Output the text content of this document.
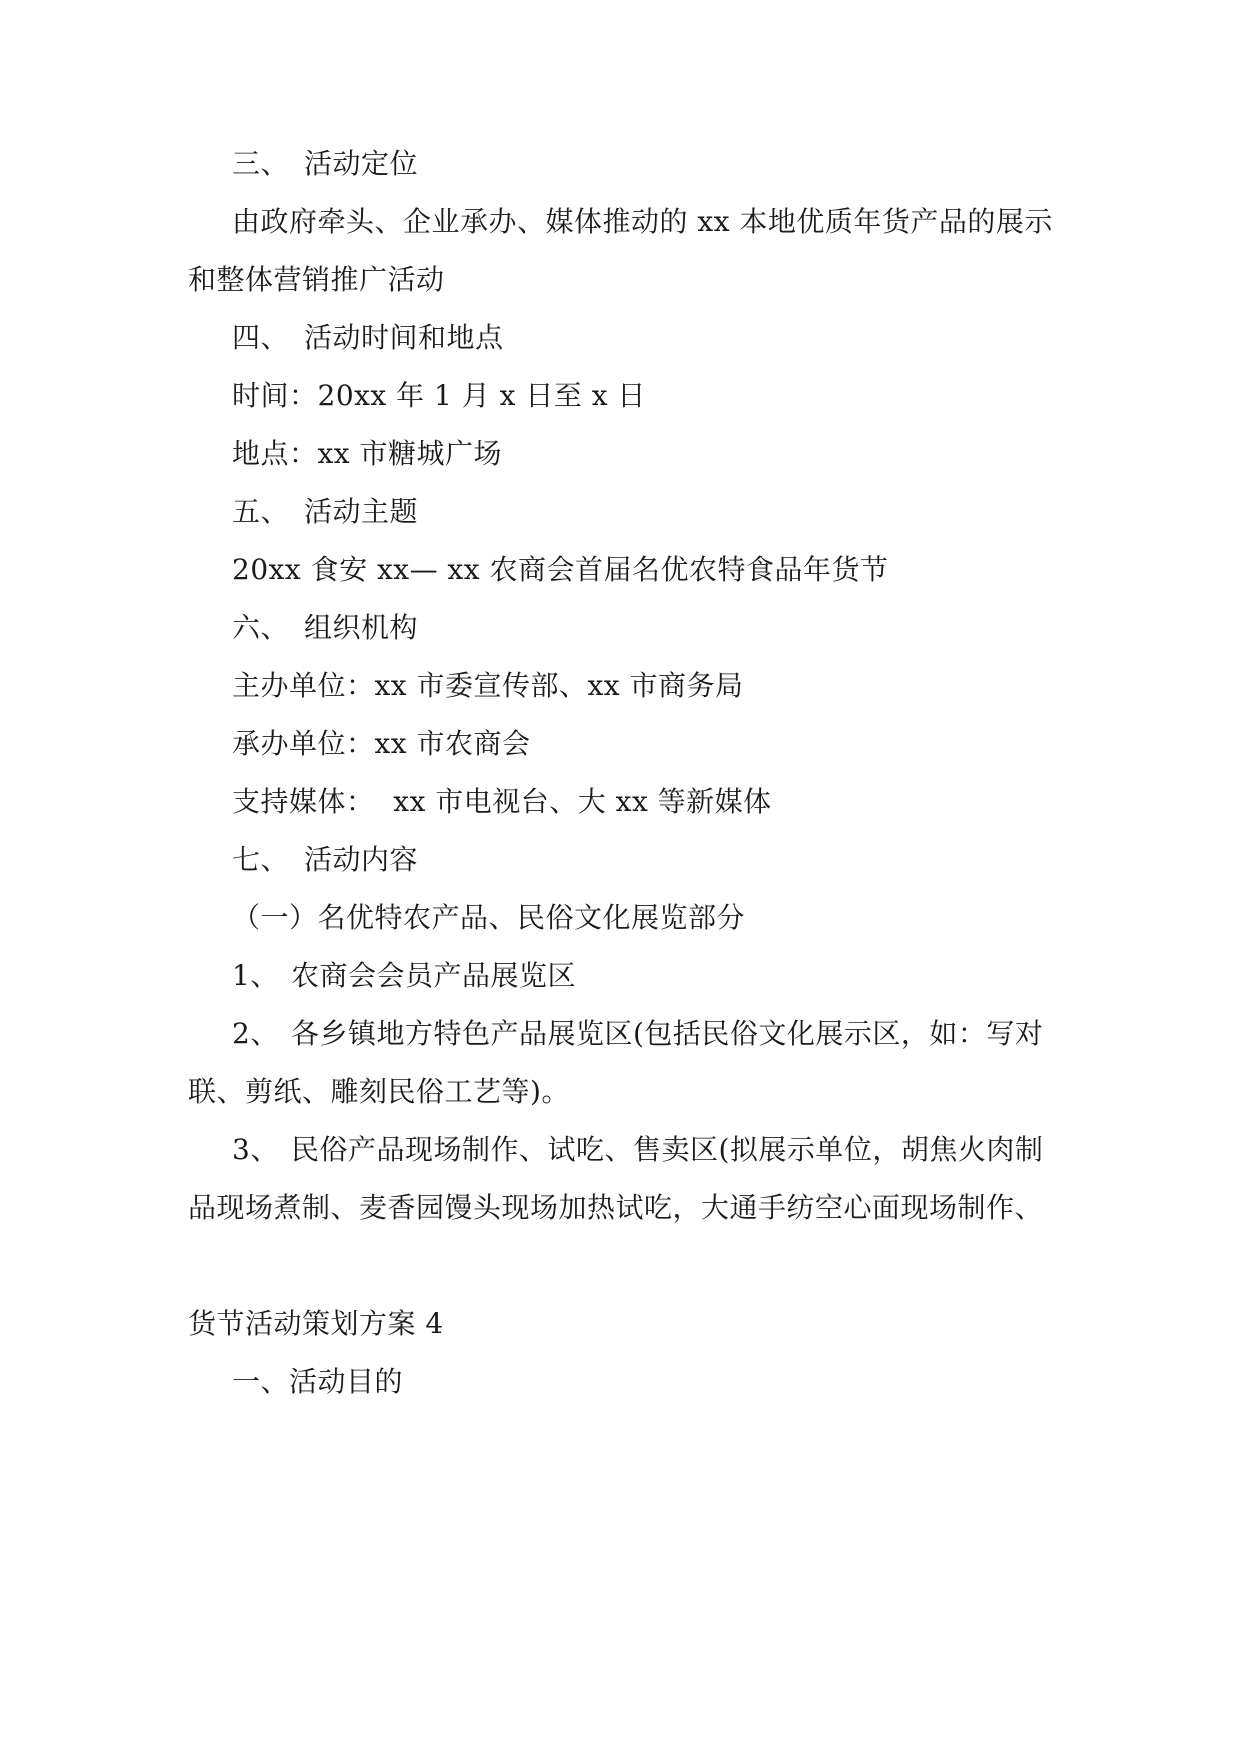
三、 活动定位
由政府牵头、企业承办、媒体推动的 xx 本地优质年货产品的展示
和整体营销推广活动
四、 活动时间和地点
时间：20xx 年 1 月 x 日至 x 日
地点：xx 市糖城广场
五、 活动主题
20xx 食安 xx— xx 农商会首届名优农特食品年货节
六、 组织机构
主办单位：xx 市委宣传部、xx 市商务局
承办单位：xx 市农商会
支持媒体：  xx 市电视台、大 xx 等新媒体
七、 活动内容
（一）名优特农产品、民俗文化展览部分
1、 农商会会员产品展览区
2、 各乡镇地方特色产品展览区(包括民俗文化展示区，如：写对
联、剪纸、雕刻民俗工艺等)。
3、 民俗产品现场制作、试吃、售卖区(拟展示单位，胡焦火肉制
品现场煮制、麦香园馒头现场加热试吃，大通手纺空心面现场制作、
货节活动策划方案 4
一、活动目的
